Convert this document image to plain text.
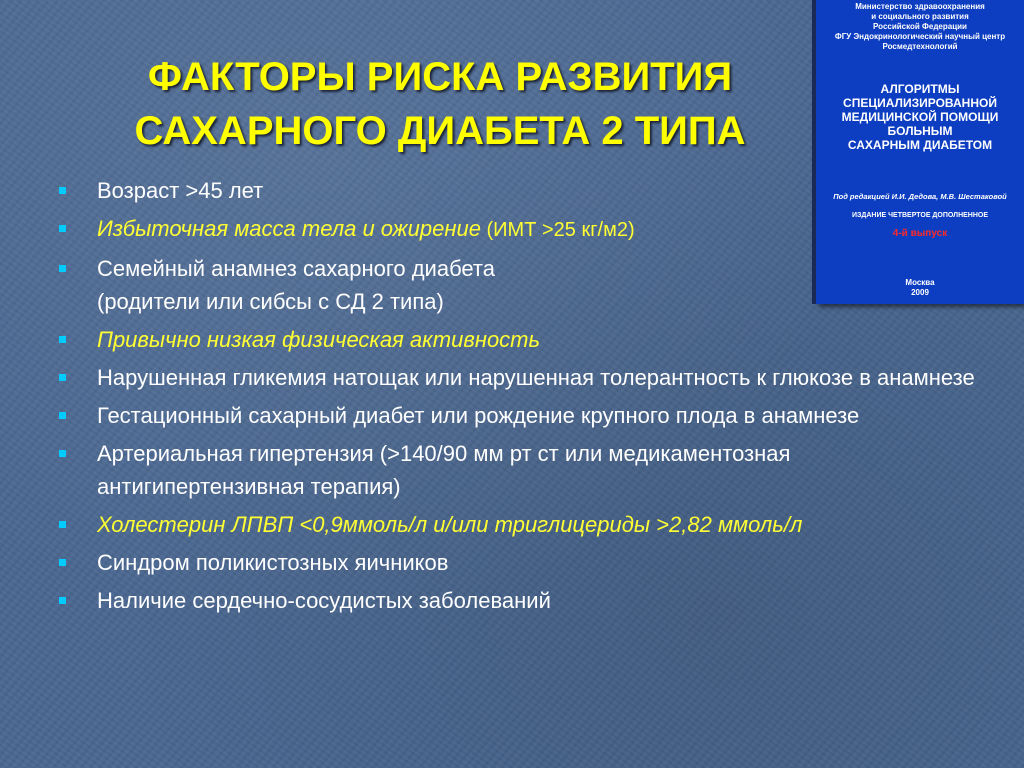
ФАКТОРЫ РИСКА РАЗВИТИЯ
САХАРНОГО ДИАБЕТА 2 ТИПА
Министерство здравоохранения
и социального развития
Российской Федерации
ФГУ Эндокринологический научный центр
Росмедтехнологий
АЛГОРИТМЫ
СПЕЦИАЛИЗИРОВАННОЙ
МЕДИЦИНСКОЙ ПОМОЩИ
БОЛЬНЫМ
САХАРНЫМ ДИАБЕТОМ
Под редакцией И.И. Дедова, М.В. Шестаковой
ИЗДАНИЕ ЧЕТВЕРТОЕ ДОПОЛНЕННОЕ
4-й выпуск
Москва
2009
Возраст >45 лет
Избыточная масса тела и ожирение (ИМТ >25 кг/м2)
Семейный анамнез сахарного диабета
(родители или сибсы с СД 2 типа)
Привычно низкая физическая активность
Нарушенная гликемия натощак или нарушенная толерантность к глюкозе в анамнезе
Гестационный сахарный диабет или рождение крупного плода в анамнезе
Артериальная гипертензия (>140/90 мм рт ст или медикаментозная антигипертензивная терапия)
Холестерин ЛПВП <0,9ммоль/л и/или триглицериды >2,82 ммоль/л
Синдром поликистозных яичников
Наличие сердечно-сосудистых заболеваний
